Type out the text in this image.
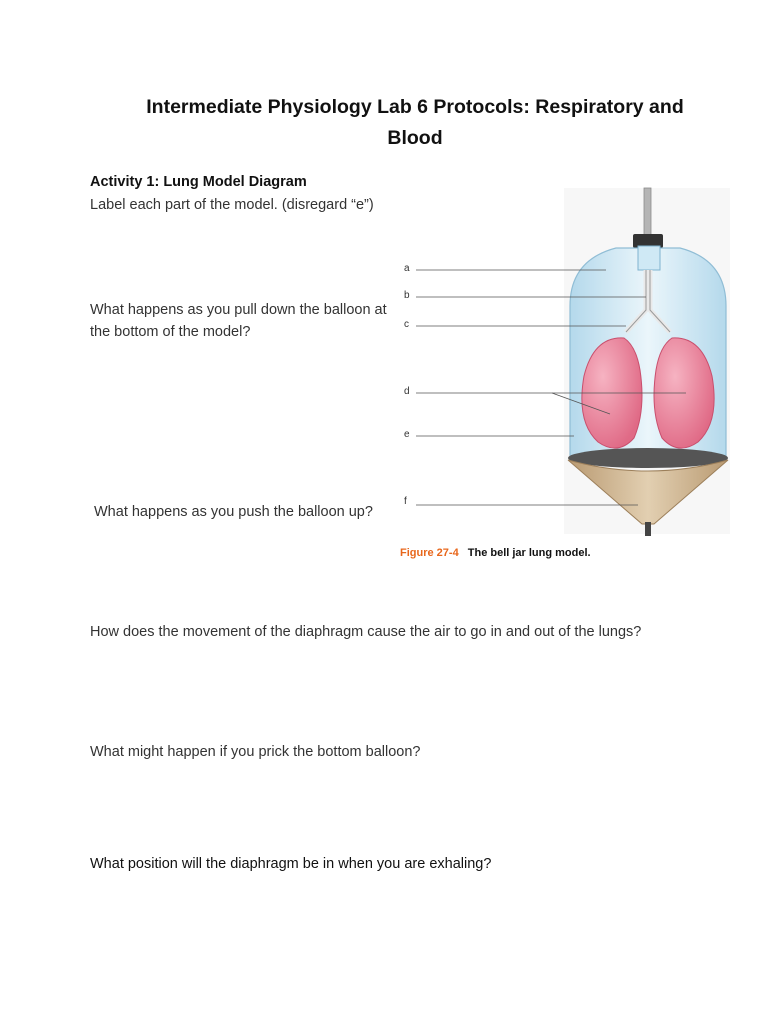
Intermediate Physiology Lab 6 Protocols: Respiratory and
Blood
Activity 1: Lung Model Diagram
Label each part of the model. (disregard “e”)
What happens as you pull down the balloon at the bottom of the model?
What happens as you push the balloon up?
How does the movement of the diaphragm cause the air to go in and out of the lungs?
What might happen if you prick the bottom balloon?
What position will the diaphragm be in when you are exhaling?
a
b
c
d
e
f
Figure 27-4 The bell jar lung model.
